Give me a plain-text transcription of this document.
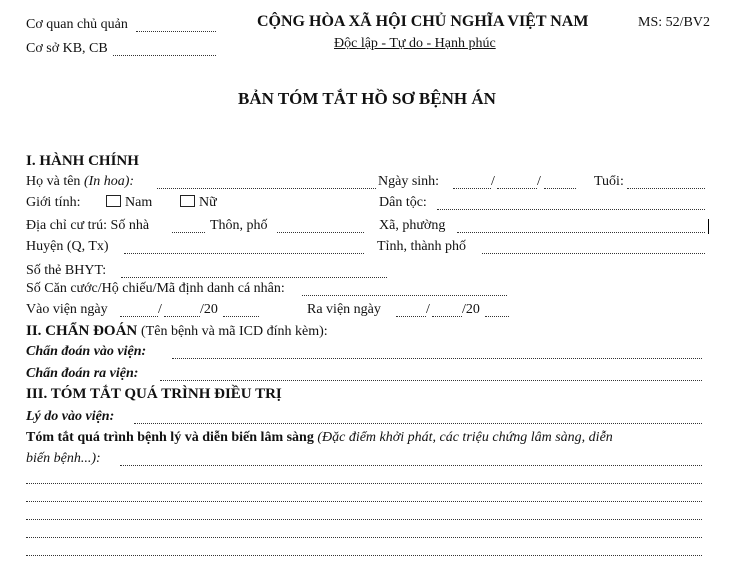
Cơ quan chủ quản
Cơ sở KB, CB
CỘNG HÒA XÃ HỘI CHỦ NGHĨA VIỆT NAM
Độc lập - Tự do - Hạnh phúc
MS: 52/BV2
BẢN TÓM TẮT HỒ SƠ BỆNH ÁN
I. HÀNH CHÍNH
Họ và tên (In hoa):	Ngày sinh:	/	/	Tuổi:
Giới tính:	Nam	Nữ	Dân tộc:
Địa chỉ cư trú: Số nhà	Thôn, phố	Xã, phường
Huyện (Q, Tx)	Tỉnh, thành phố
Số thẻ BHYT:
Số Căn cước/Hộ chiếu/Mã định danh cá nhân:
Vào viện ngày	/	/20	Ra viện ngày	/ /20
II. CHẨN ĐOÁN (Tên bệnh và mã ICD đính kèm):
Chẩn đoán vào viện:
Chẩn đoán ra viện:
III. TÓM TẮT QUÁ TRÌNH ĐIỀU TRỊ
Lý do vào viện:
Tóm tắt quá trình bệnh lý và diễn biến lâm sàng (Đặc điểm khởi phát, các triệu chứng lâm sàng, diễn
biến bệnh...):
